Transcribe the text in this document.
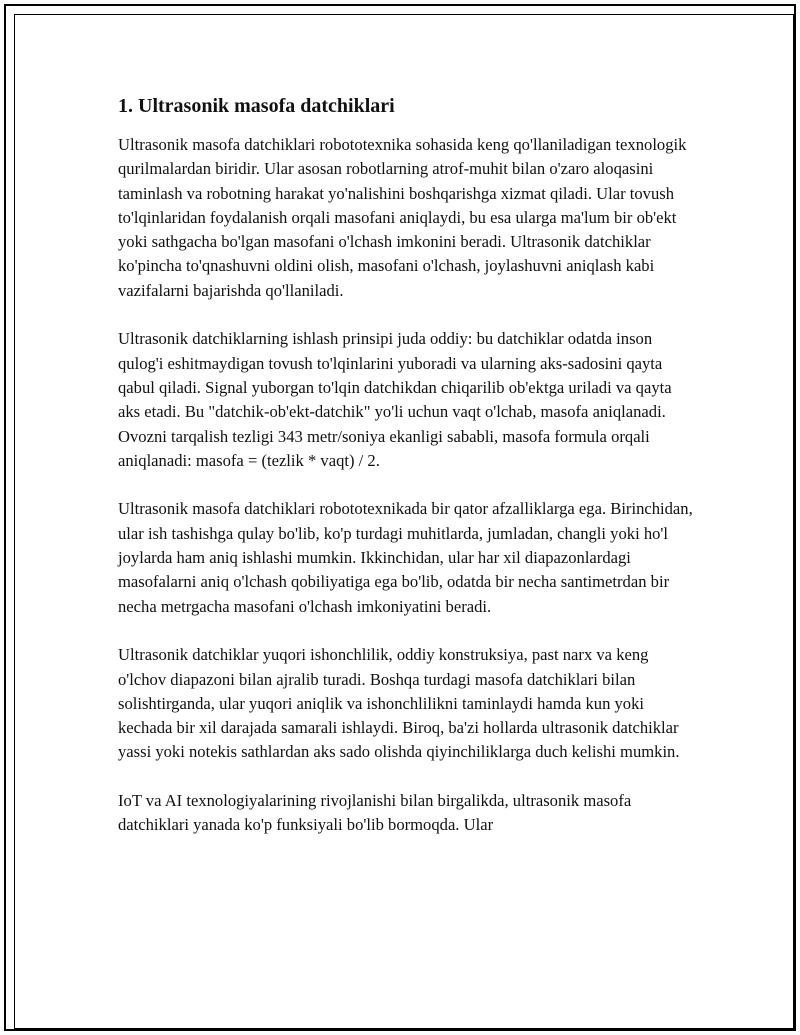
1. Ultrasonik masofa datchiklari

Ultrasonik masofa datchiklari robototexnika sohasida keng qo'llaniladigan texnologik qurilmalardan biridir. Ular asosan robotlarning atrof-muhit bilan o'zaro aloqasini taminlash va robotning harakat yo'nalishini boshqarishga xizmat qiladi. Ular tovush to'lqinlaridan foydalanish orqali masofani aniqlaydi, bu esa ularga ma'lum bir ob'ekt yoki sathgacha bo'lgan masofani o'lchash imkonini beradi. Ultrasonik datchiklar ko'pincha to'qnashuvni oldini olish, masofani o'lchash, joylashuvni aniqlash kabi vazifalarni bajarishda qo'llaniladi.

Ultrasonik datchiklarning ishlash prinsipi juda oddiy: bu datchiklar odatda inson qulog'i eshitmaydigan tovush to'lqinlarini yuboradi va ularning aks-sadosini qayta qabul qiladi. Signal yuborgan to'lqin datchikdan chiqarilib ob'ektga uriladi va qayta aks etadi. Bu "datchik-ob'ekt-datchik" yo'li uchun vaqt o'lchab, masofa aniqlanadi. Ovozni tarqalish tezligi 343 metr/soniya ekanligi sababli, masofa formula orqali aniqlanadi: masofa = (tezlik * vaqt) / 2.

Ultrasonik masofa datchiklari robototexnikada bir qator afzalliklarga ega. Birinchidan, ular ish tashishga qulay bo'lib, ko'p turdagi muhitlarda, jumladan, changli yoki ho'l joylarda ham aniq ishlashi mumkin. Ikkinchidan, ular har xil diapazonlardagi masofalarni aniq o'lchash qobiliyatiga ega bo'lib, odatda bir necha santimetrdan bir necha metrgacha masofani o'lchash imkoniyatini beradi.

Ultrasonik datchiklar yuqori ishonchlilik, oddiy konstruksiya, past narx va keng o'lchov diapazoni bilan ajralib turadi. Boshqa turdagi masofa datchiklari bilan solishtirganda, ular yuqori aniqlik va ishonchlilikni taminlaydi hamda kun yoki kechada bir xil darajada samarali ishlaydi. Biroq, ba'zi hollarda ultrasonik datchiklar yassi yoki notekis sathlardan aks sado olishda qiyinchiliklarga duch kelishi mumkin.

IoT va AI texnologiyalarining rivojlanishi bilan birgalikda, ultrasonik masofa datchiklari yanada ko'p funksiyali bo'lib bormoqda. Ular
